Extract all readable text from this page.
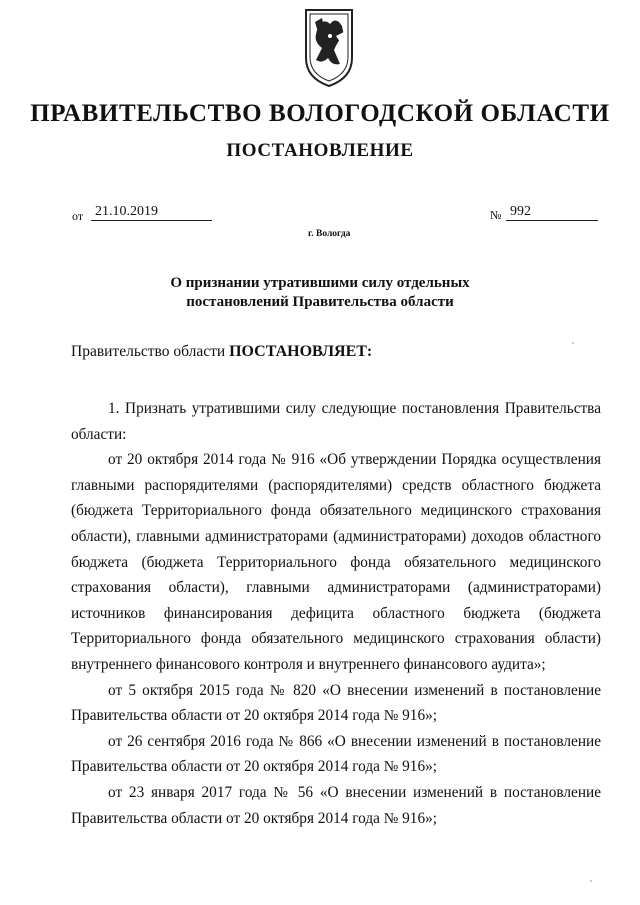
ПРАВИТЕЛЬСТВО ВОЛОГОДСКОЙ ОБЛАСТИ
ПОСТАНОВЛЕНИЕ
от 21.10.2019	№ 992
г. Вологда
О признании утратившими силу отдельных
постановлений Правительства области
Правительство области ПОСТАНОВЛЯЕТ:

1. Признать утратившими силу следующие постановления Правительства области:

от 20 октября 2014 года № 916 «Об утверждении Порядка осуществления главными распорядителями (распорядителями) средств областного бюджета (бюджета Территориального фонда обязательного медицинского страхования области), главными администраторами (администраторами) доходов областного бюджета (бюджета Территориального фонда обязательного медицинского страхования области), главными администраторами (администраторами) источников финансирования дефицита областного бюджета (бюджета Территориального фонда обязательного медицинского страхования области) внутреннего финансового контроля и внутреннего финансового аудита»;

от 5 октября 2015 года № 820 «О внесении изменений в постановление Правительства области от 20 октября 2014 года № 916»;

от 26 сентября 2016 года № 866 «О внесении изменений в постановление Правительства области от 20 октября 2014 года № 916»;

от 23 января 2017 года № 56 «О внесении изменений в постановление Правительства области от 20 октября 2014 года № 916»;
